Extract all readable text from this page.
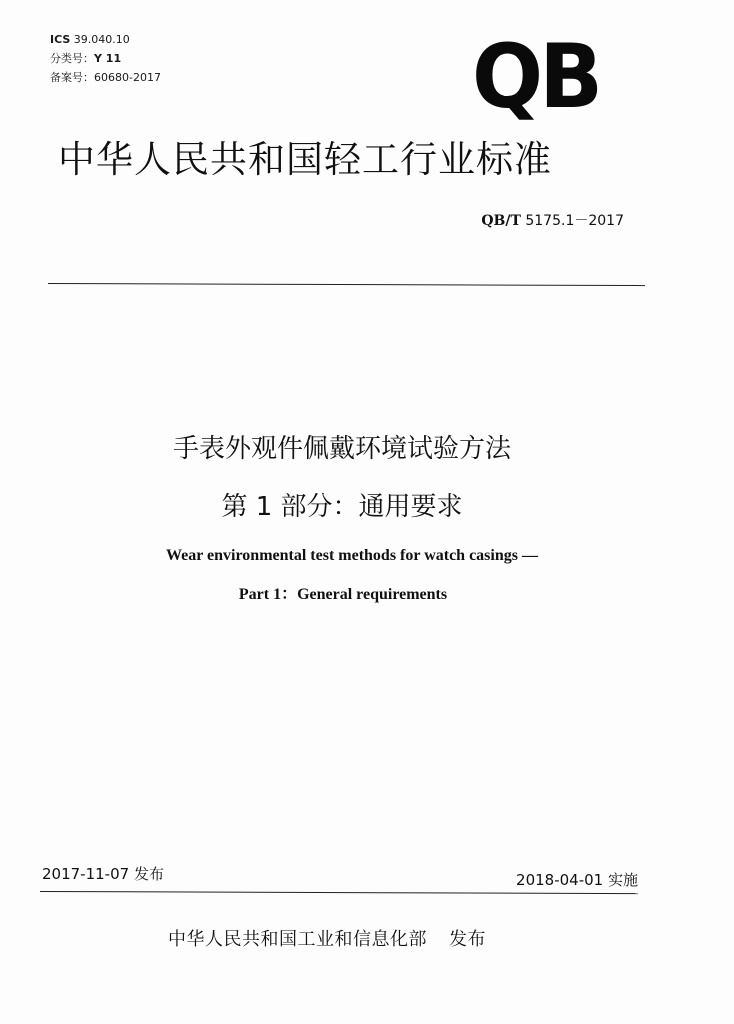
ICS 39.040.10
分类号：Y 11
备案号：60680-2017	QB
中华人民共和国轻工行业标准
QB/T 5175.1－2017
手表外观件佩戴环境试验方法
第 1 部分：通用要求
Wear environmental test methods for watch casings —
Part 1：General requirements
2017-11-07 发布	2018-04-01 实施
中华人民共和国工业和信息化部 发布
